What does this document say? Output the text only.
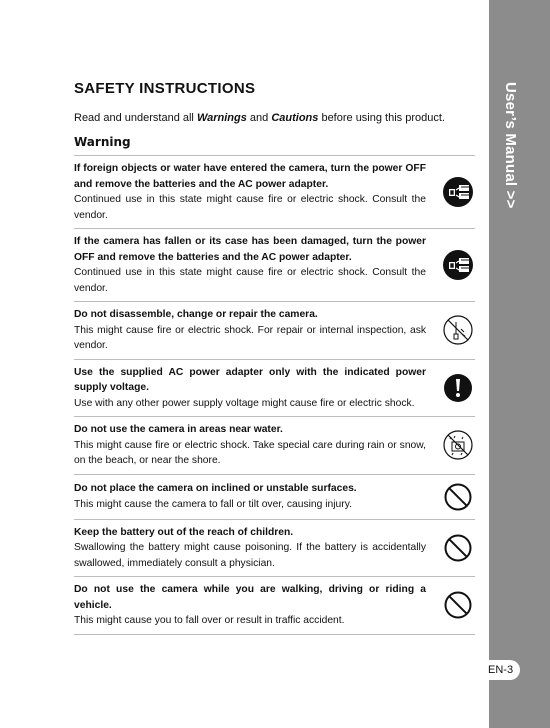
User’s Manual >>
EN-3
SAFETY INSTRUCTIONS

Read and understand all Warnings and Cautions before using this product.

Warning
If foreign objects or water have entered the camera, turn the power OFF and remove the batteries and the AC power adapter.
Continued use in this state might cause fire or electric shock. Consult the vendor.
If the camera has fallen or its case has been damaged, turn the power OFF and remove the batteries and the AC power adapter.
Continued use in this state might cause fire or electric shock. Consult the vendor.
Do not disassemble, change or repair the camera.
This might cause fire or electric shock. For repair or internal inspection, ask vendor.
Use the supplied AC power adapter only with the indicated power supply voltage.
Use with any other power supply voltage might cause fire or electric shock.
Do not use the camera in areas near water.
This might cause fire or electric shock. Take special care during rain or snow, on the beach, or near the shore.
Do not place the camera on inclined or unstable surfaces.
This might cause the camera to fall or tilt over, causing injury.
Keep the battery out of the reach of children.
Swallowing the battery might cause poisoning. If the battery is accidentally swallowed, immediately consult a physician.
Do not use the camera while you are walking, driving or riding a vehicle.
This might cause you to fall over or result in traffic accident.
